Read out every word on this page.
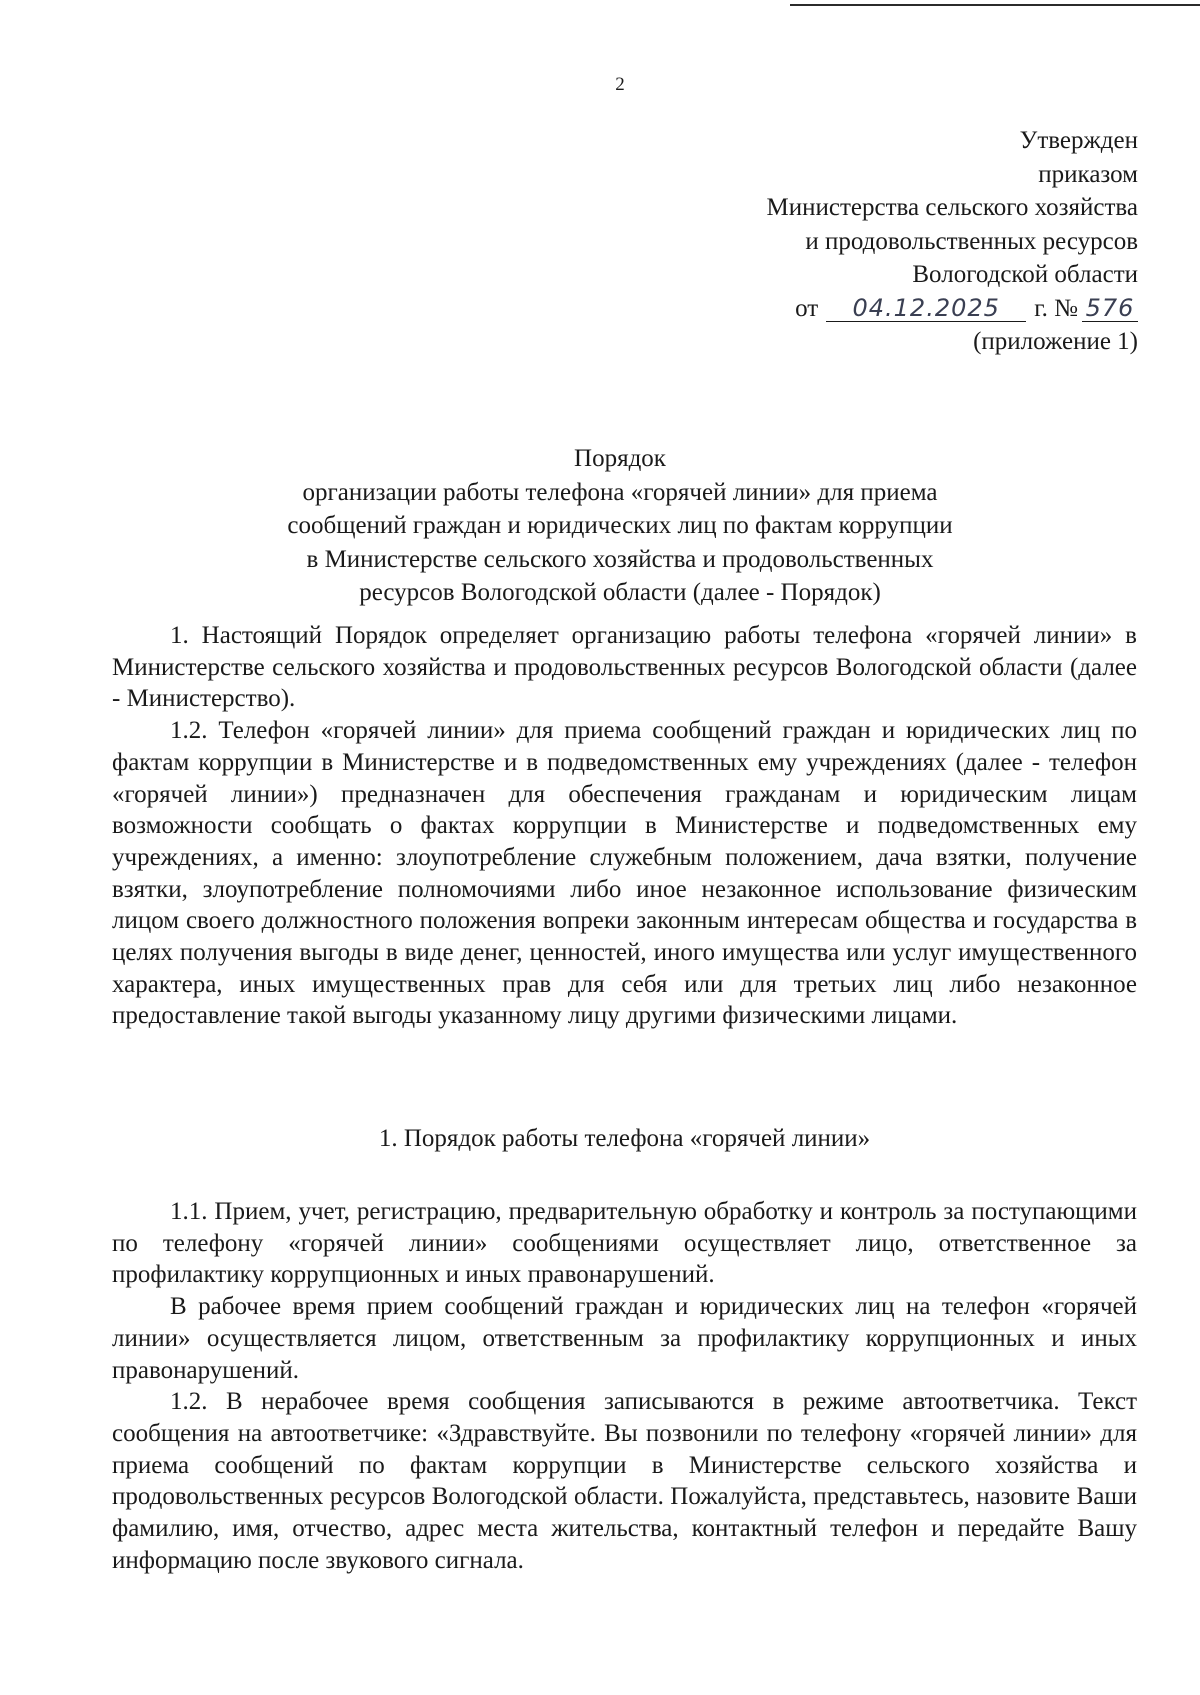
2
Утвержден
приказом
Министерства сельского хозяйства
и продовольственных ресурсов
Вологодской области
от 04.12.2025 г. № 576
(приложение 1)
Порядок
организации работы телефона «горячей линии» для приема
сообщений граждан и юридических лиц по фактам коррупции
в Министерстве сельского хозяйства и продовольственных
ресурсов Вологодской области (далее - Порядок)

1. Настоящий Порядок определяет организацию работы телефона «горячей линии» в Министерстве сельского хозяйства и продовольственных ресурсов Вологодской области (далее - Министерство).

1.2. Телефон «горячей линии» для приема сообщений граждан и юридических лиц по фактам коррупции в Министерстве и в подведомственных ему учреждениях (далее - телефон «горячей линии») предназначен для обеспечения гражданам и юридическим лицам возможности сообщать о фактах коррупции в Министерстве и подведомственных ему учреждениях, а именно: злоупотребление служебным положением, дача взятки, получение взятки, злоупотребление полномочиями либо иное незаконное использование физическим лицом своего должностного положения вопреки законным интересам общества и государства в целях получения выгоды в виде денег, ценностей, иного имущества или услуг имущественного характера, иных имущественных прав для себя или для третьих лиц либо незаконное предоставление такой выгоды указанному лицу другими физическими лицами.

1. Порядок работы телефона «горячей линии»

1.1. Прием, учет, регистрацию, предварительную обработку и контроль за поступающими по телефону «горячей линии» сообщениями осуществляет лицо, ответственное за профилактику коррупционных и иных правонарушений.

В рабочее время прием сообщений граждан и юридических лиц на телефон «горячей линии» осуществляется лицом, ответственным за профилактику коррупционных и иных правонарушений.

1.2. В нерабочее время сообщения записываются в режиме автоответчика. Текст сообщения на автоответчике: «Здравствуйте. Вы позвонили по телефону «горячей линии» для приема сообщений по фактам коррупции в Министерстве сельского хозяйства и продовольственных ресурсов Вологодской области. Пожалуйста, представьтесь, назовите Ваши фамилию, имя, отчество, адрес места жительства, контактный телефон и передайте Вашу информацию после звукового сигнала.
